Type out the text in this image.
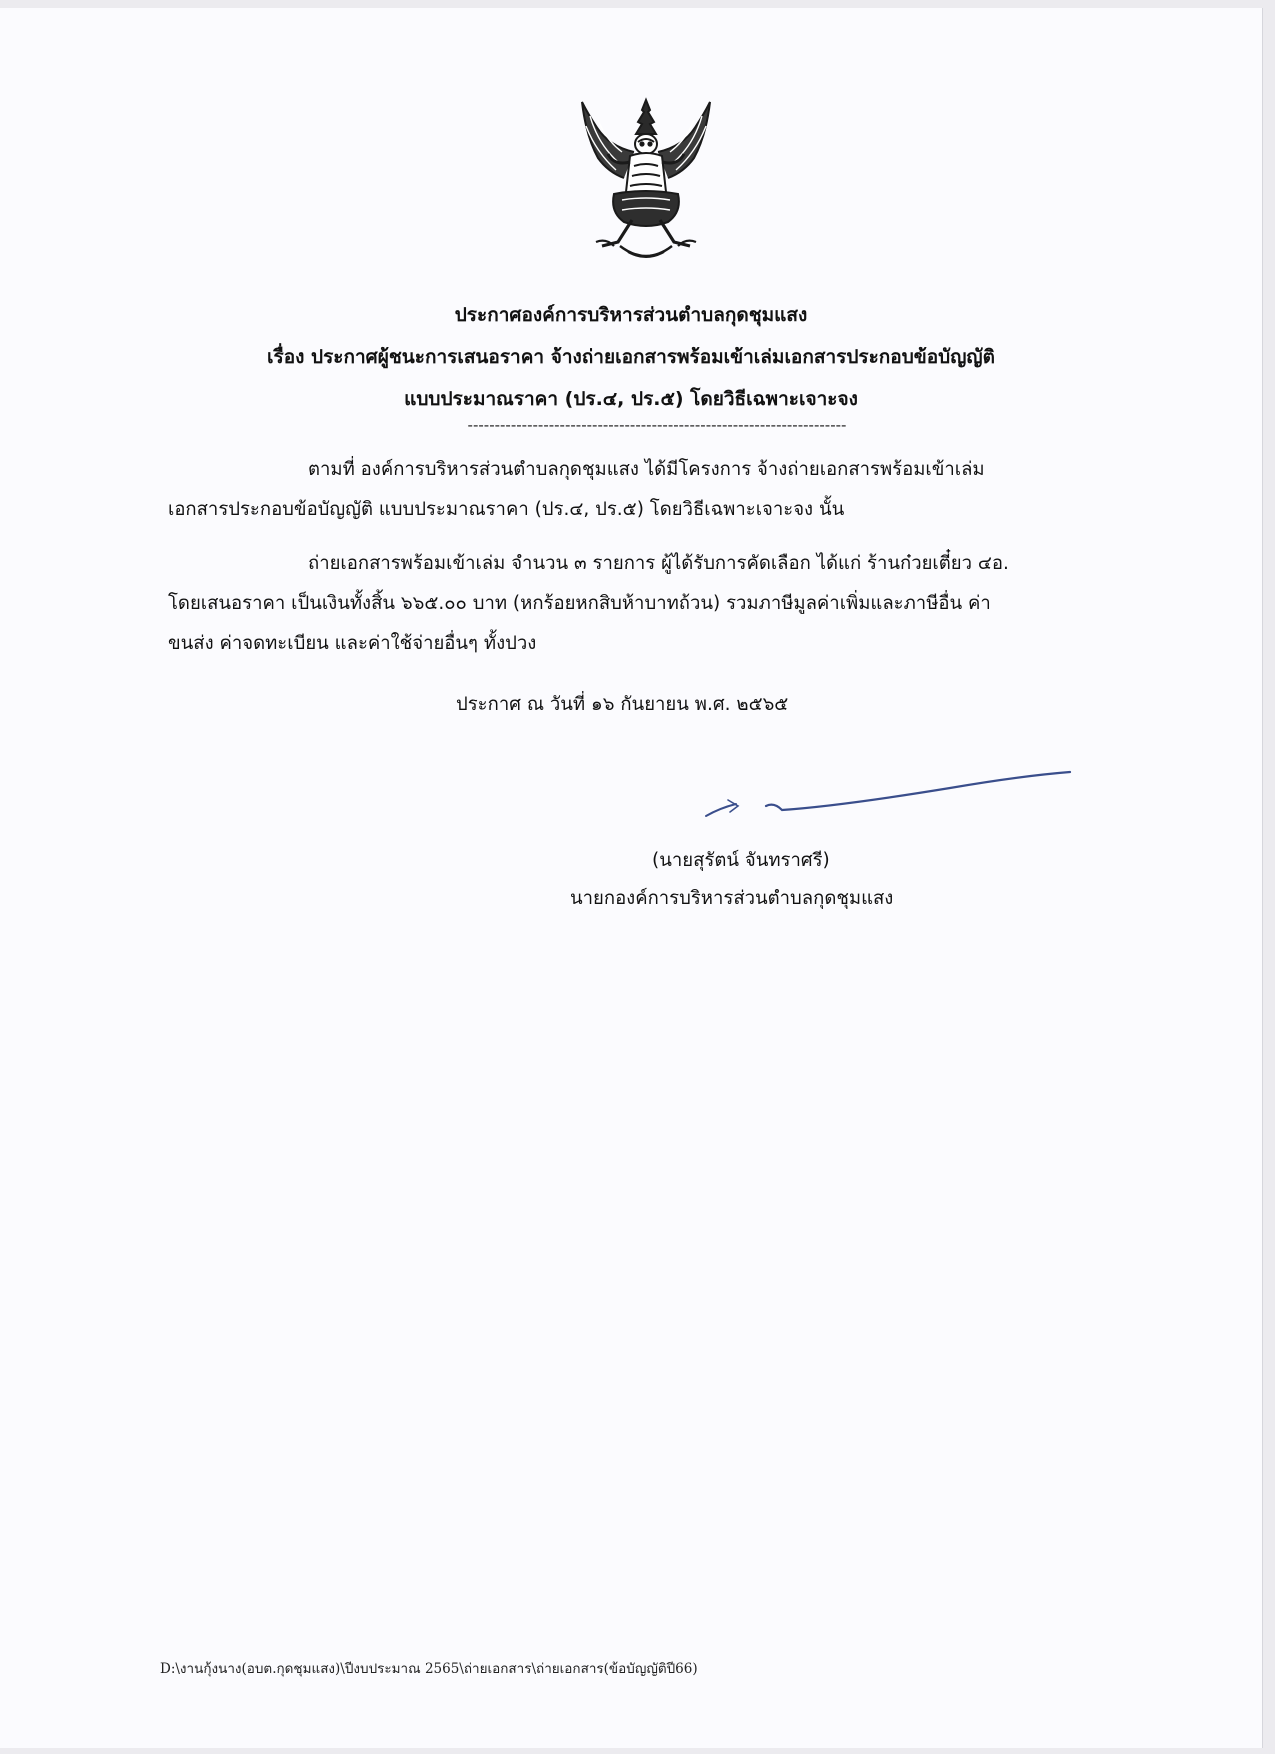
ประกาศองค์การบริหารส่วนตำบลกุดชุมแสง
เรื่อง ประกาศผู้ชนะการเสนอราคา จ้างถ่ายเอกสารพร้อมเข้าเล่มเอกสารประกอบข้อบัญญัติ
แบบประมาณราคา (ปร.๔, ปร.๕) โดยวิธีเฉพาะเจาะจง
----------------------------------------------------------------------
ตามที่ องค์การบริหารส่วนตำบลกุดชุมแสง ได้มีโครงการ จ้างถ่ายเอกสารพร้อมเข้าเล่ม
เอกสารประกอบข้อบัญญัติ แบบประมาณราคา (ปร.๔, ปร.๕) โดยวิธีเฉพาะเจาะจง นั้น
ถ่ายเอกสารพร้อมเข้าเล่ม จำนวน ๓ รายการ ผู้ได้รับการคัดเลือก ได้แก่ ร้านก๋วยเตี๋ยว ๔อ.
โดยเสนอราคา เป็นเงินทั้งสิ้น ๖๖๕.๐๐ บาท (หกร้อยหกสิบห้าบาทถ้วน) รวมภาษีมูลค่าเพิ่มและภาษีอื่น ค่า
ขนส่ง ค่าจดทะเบียน และค่าใช้จ่ายอื่นๆ ทั้งปวง
ประกาศ ณ วันที่ ๑๖ กันยายน พ.ศ. ๒๕๖๕
(นายสุรัตน์ จันทราศรี)
นายกองค์การบริหารส่วนตำบลกุดชุมแสง
D:\งานกุ้งนาง(อบต.กุดชุมแสง)\ปีงบประมาณ 2565\ถ่ายเอกสาร\ถ่ายเอกสาร(ข้อบัญญัติปี66)
